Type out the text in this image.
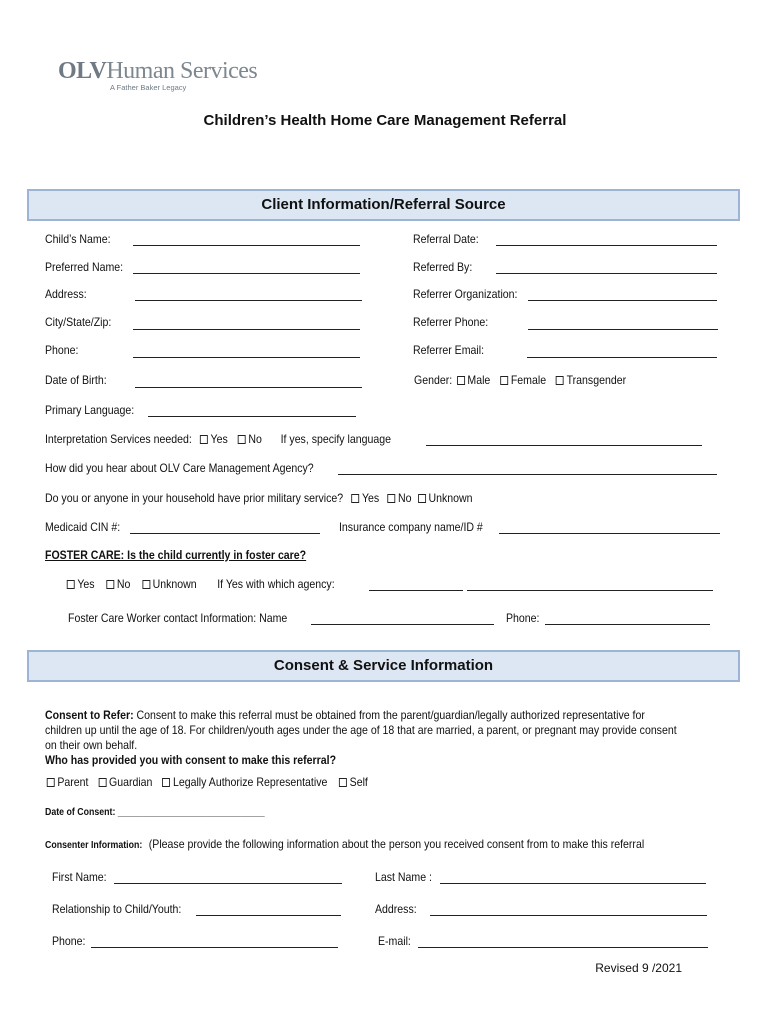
OLVHuman Services
A Father Baker Legacy
Children’s Health Home Care Management Referral
Client Information/Referral Source
Child’s Name:	Referral Date:
Preferred Name:	Referred By:
Address:	Referrer Organization:
City/State/Zip:	Referrer Phone:
Phone:	Referrer Email:
Date of Birth:	Gender: Male Female Transgender
Primary Language:
Interpretation Services needed: Yes No If yes, specify language
How did you hear about OLV Care Management Agency?
Do you or anyone in your household have prior military service? Yes No Unknown
Medicaid CIN #:	Insurance company name/ID #
FOSTER CARE: Is the child currently in foster care?
Yes No Unknown If Yes with which agency:
Foster Care Worker contact Information: Name	Phone:
Consent & Service Information
Consent to Refer: Consent to make this referral must be obtained from the parent/guardian/legally authorized representative for
children up until the age of 18. For children/youth ages under the age of 18 that are married, a parent, or pregnant may provide consent
on their own behalf.
Who has provided you with consent to make this referral?
Parent Guardian Legally Authorize Representative Self
Date of Consent: ______________________________
Consenter Information: (Please provide the following information about the person you received consent from to make this referral
First Name:	Last Name :
Relationship to Child/Youth:	Address:
Phone:	E-mail:
Revised 9 /2021
